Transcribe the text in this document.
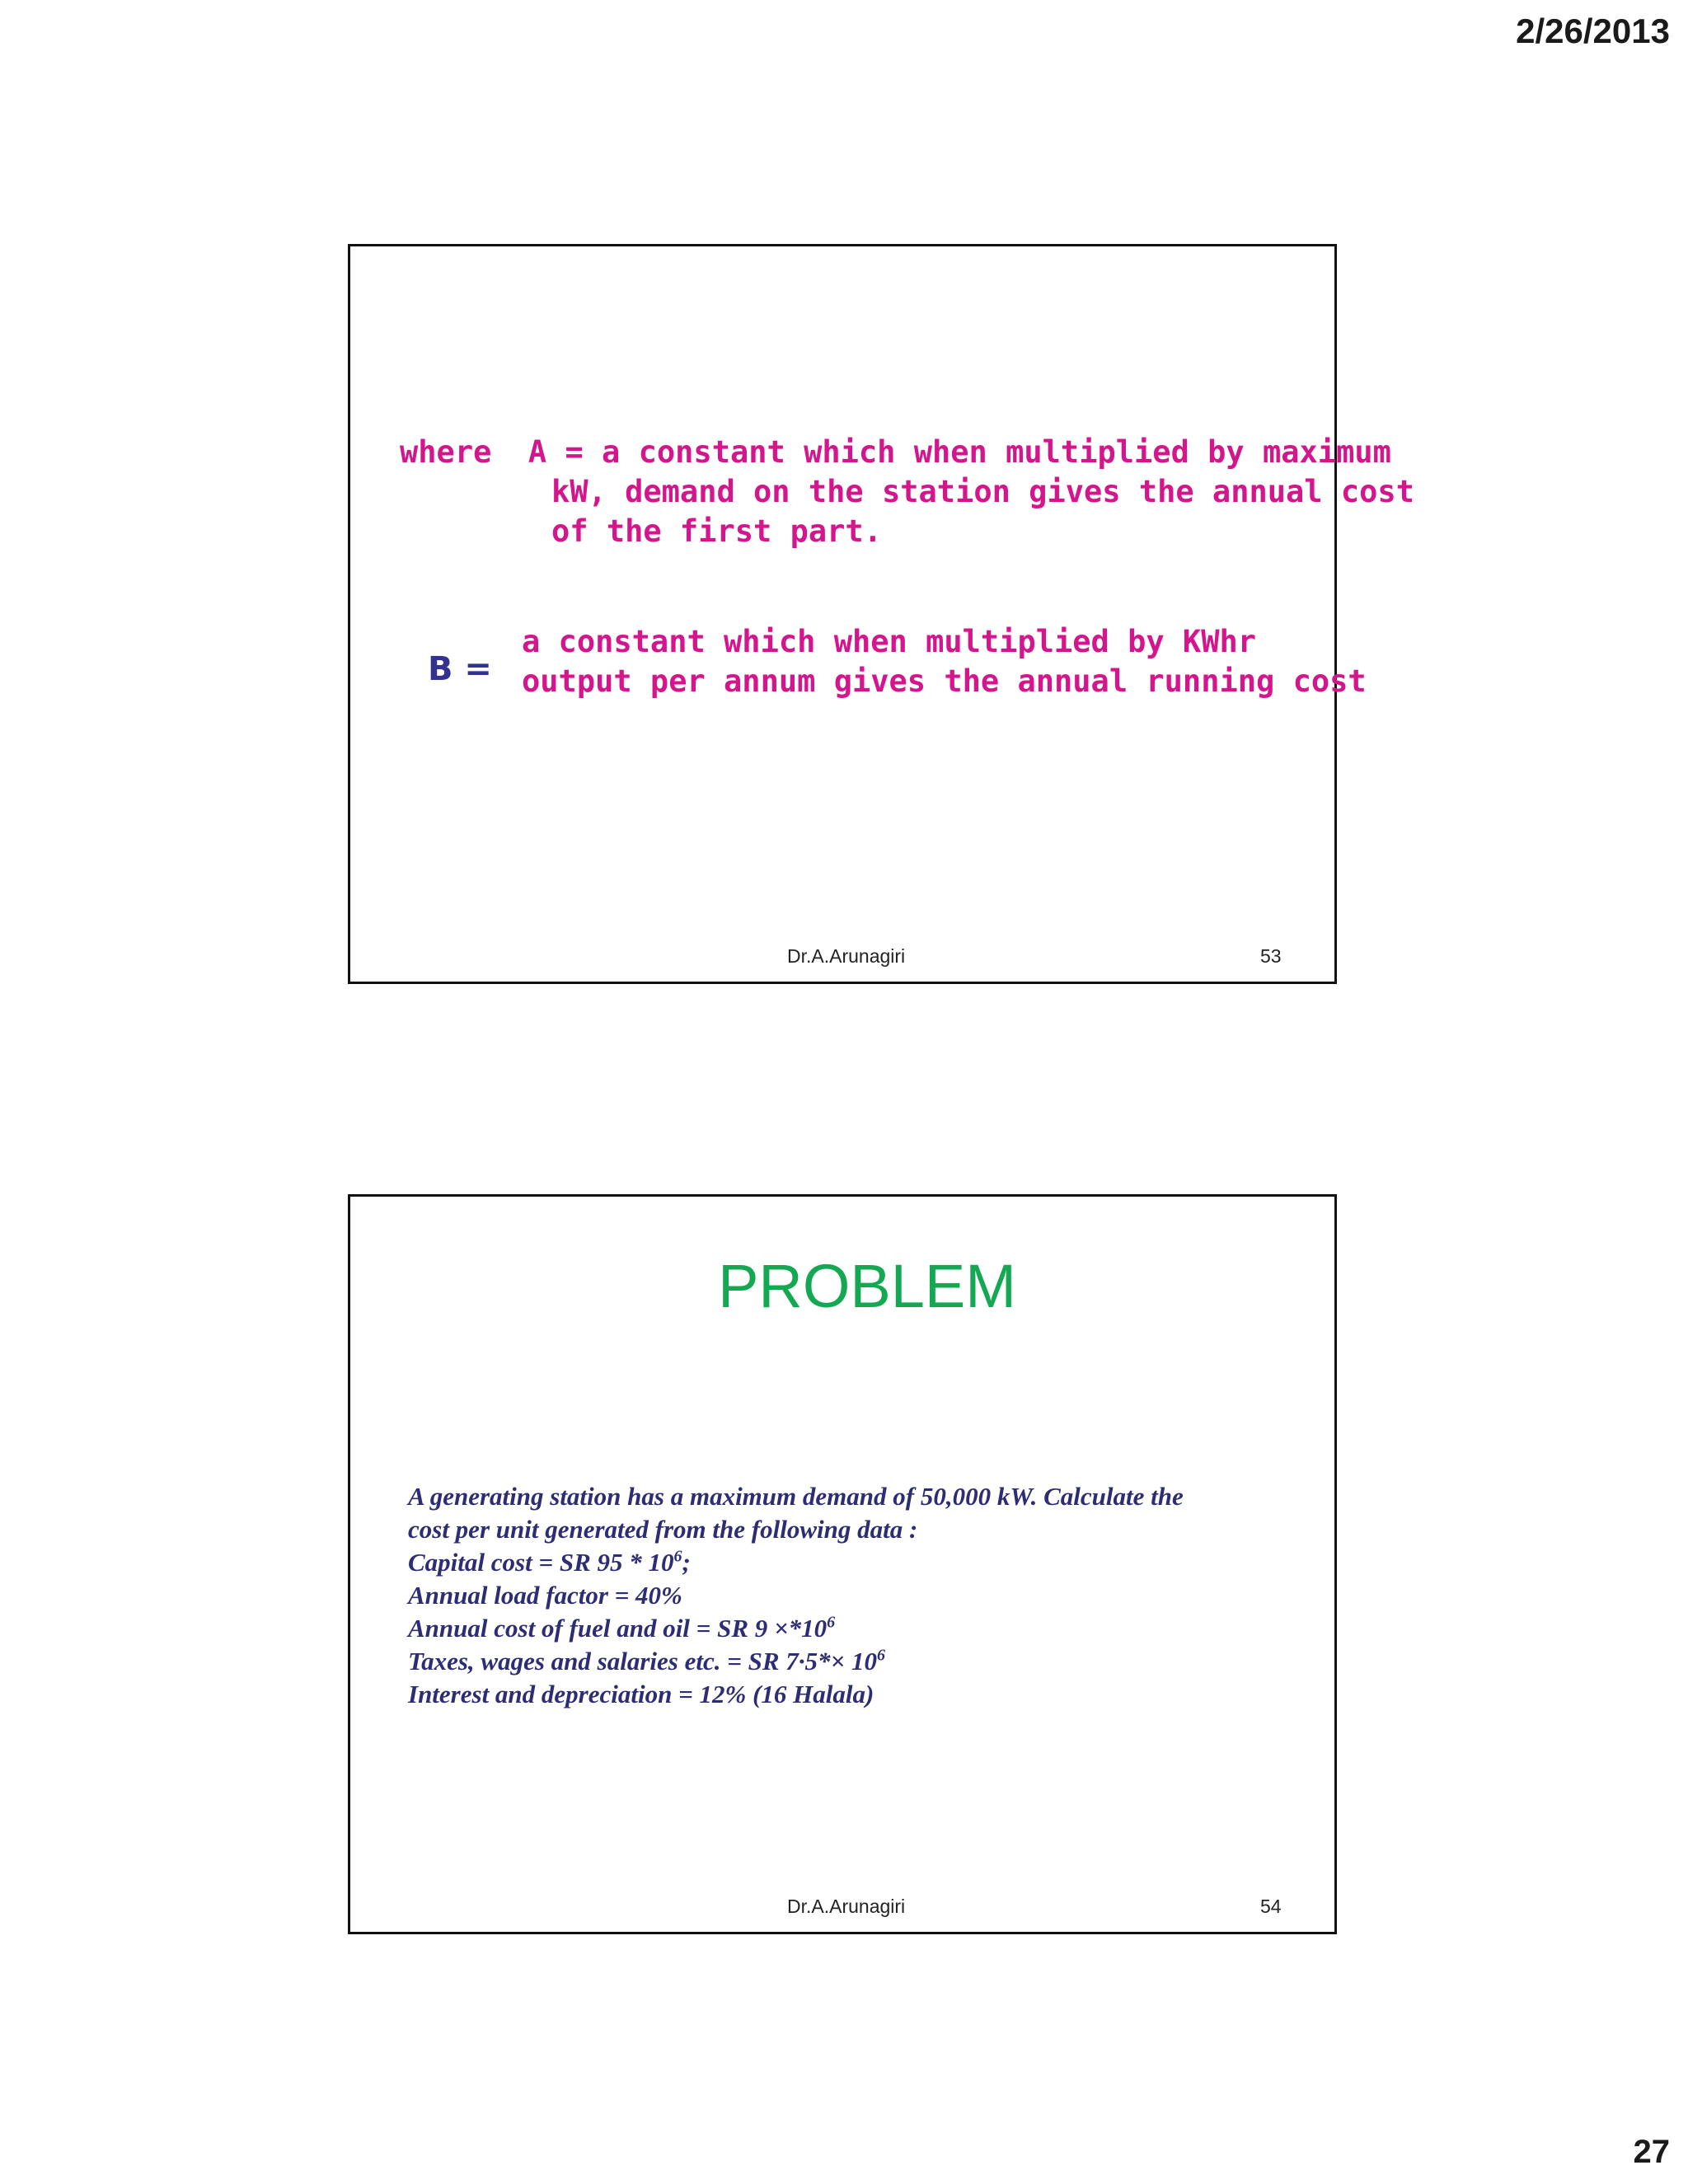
2/26/2013
where  A = a constant which when multiplied by maximum
kW, demand on the station gives the annual cost
of the first part.
B =
a constant which when multiplied by KWhr
output per annum gives the annual running cost
Dr.A.Arunagiri	53
PROBLEM
A generating station has a maximum demand of 50,000 kW. Calculate the
cost per unit generated from the following data :
Capital cost = SR $95 * 10^6$;
Annual load factor = 40%
Annual cost of fuel and oil = SR $9 \times*10^6$
Taxes, wages and salaries etc. = SR $7\cdot 5*\times 10^6$
Interest and depreciation = 12% (16 Halala)
Dr.A.Arunagiri	54
27
